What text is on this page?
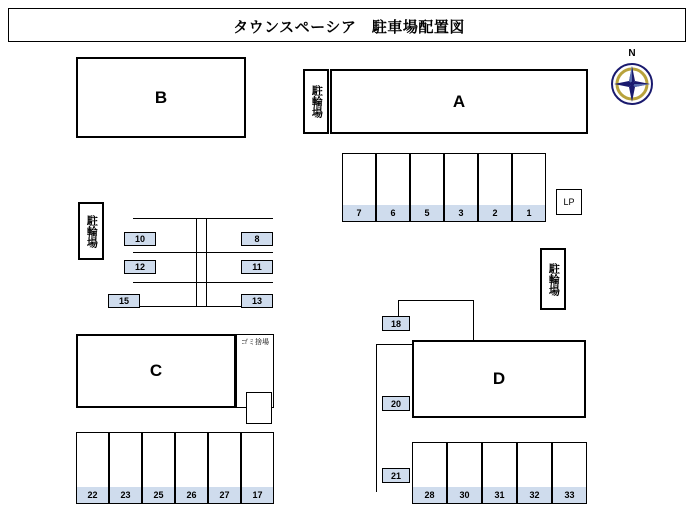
タウンスペーシア　駐車場配置図
N
B	駐輪場	A
7	6	5	3	2	1
LP
駐輪場
駐輪場	10
12
15
8
11
13
C
ゴミ捨場
22	23	25	26	27	17
18
20
21
D
28	30	31	32	33
